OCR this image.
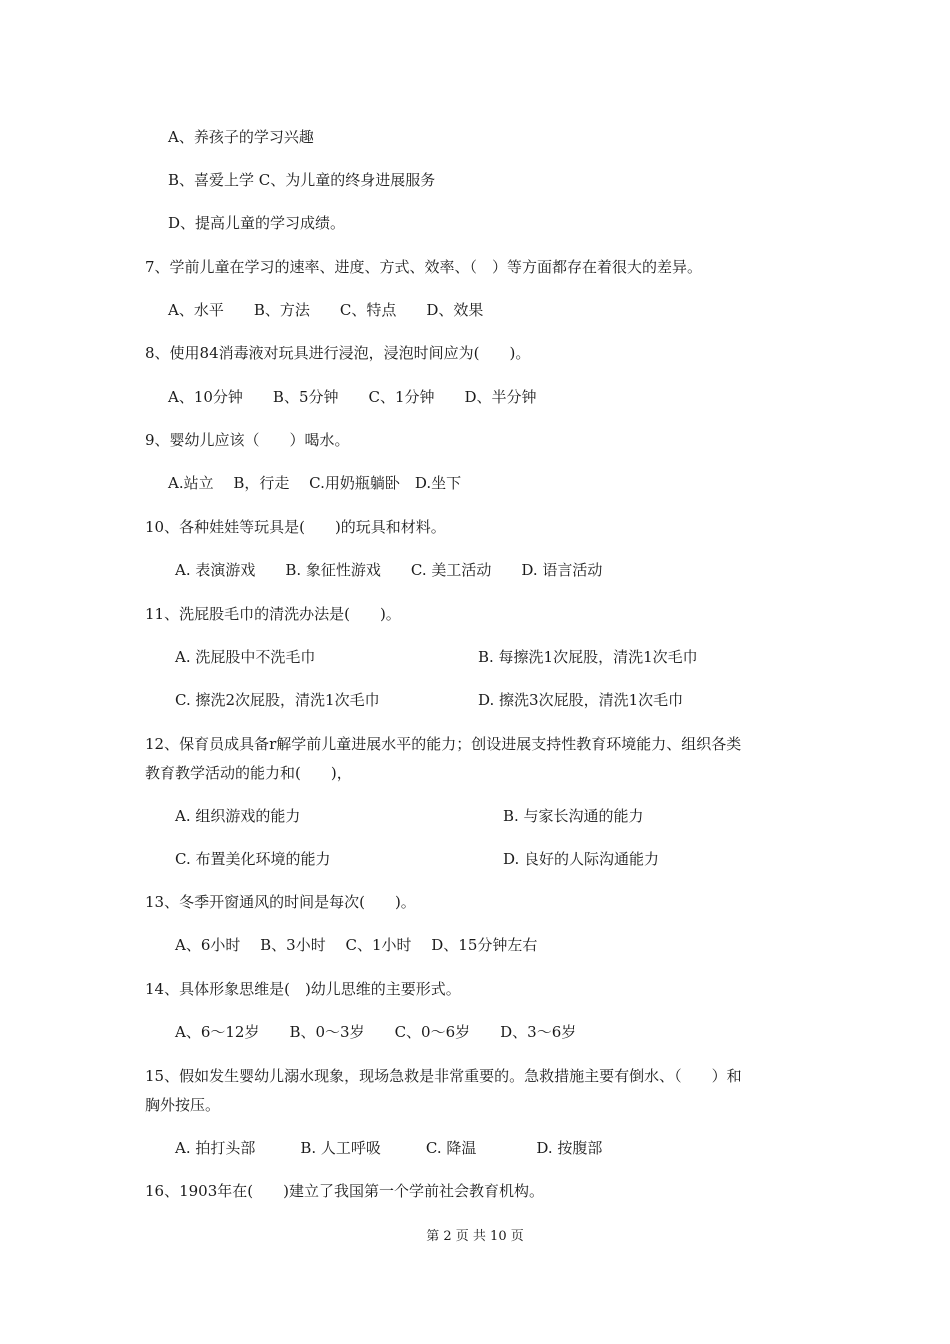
A、养孩子的学习兴趣
B、喜爱上学 C、为儿童的终身进展服务
D、提高儿童的学习成绩。
7、学前儿童在学习的速率、进度、方式、效率、（　）等方面都存在着很大的差异。
A、水平　　B、方法　　C、特点　　D、效果
8、使用84消毒液对玩具进行浸泡，浸泡时间应为(　　)。
A、10分钟　　B、5分钟　　C、1分钟　　D、半分钟
9、婴幼儿应该（　　）喝水。
A.站立　 B，行走　 C.用奶瓶躺卧　D.坐下
10、各种娃娃等玩具是(　　)的玩具和材料。
A. 表演游戏　　B. 象征性游戏　　C. 美工活动　　D. 语言活动
11、洗屁股毛巾的清洗办法是(　　)。
A. 洗屁股中不洗毛巾	B. 每擦洗1次屁股，清洗1次毛巾
C. 擦洗2次屁股，清洗1次毛巾	D. 擦洗3次屁股，清洗1次毛巾
12、保育员成具备r解学前儿童进展水平的能力；创设进展支持性教育环境能力、组织各类
教育教学活动的能力和(　　)，
A. 组织游戏的能力	B. 与家长沟通的能力
C. 布置美化环境的能力	D. 良好的人际沟通能力
13、冬季开窗通风的时间是每次(　　)。
A、6小时　 B、3小时　 C、1小时　 D、15分钟左右
14、具体形象思维是(　)幼儿思维的主要形式。
A、6～12岁　　B、0～3岁　　C、0～6岁　　D、3～6岁
15、假如发生婴幼儿溺水现象，现场急救是非常重要的。急救措施主要有倒水、（　　）和
胸外按压。
A. 拍打头部　　　B. 人工呼吸　　　C. 降温　　　　D. 按腹部
16、1903年在(　　)建立了我国第一个学前社会教育机构。
第 2 页 共 10 页
